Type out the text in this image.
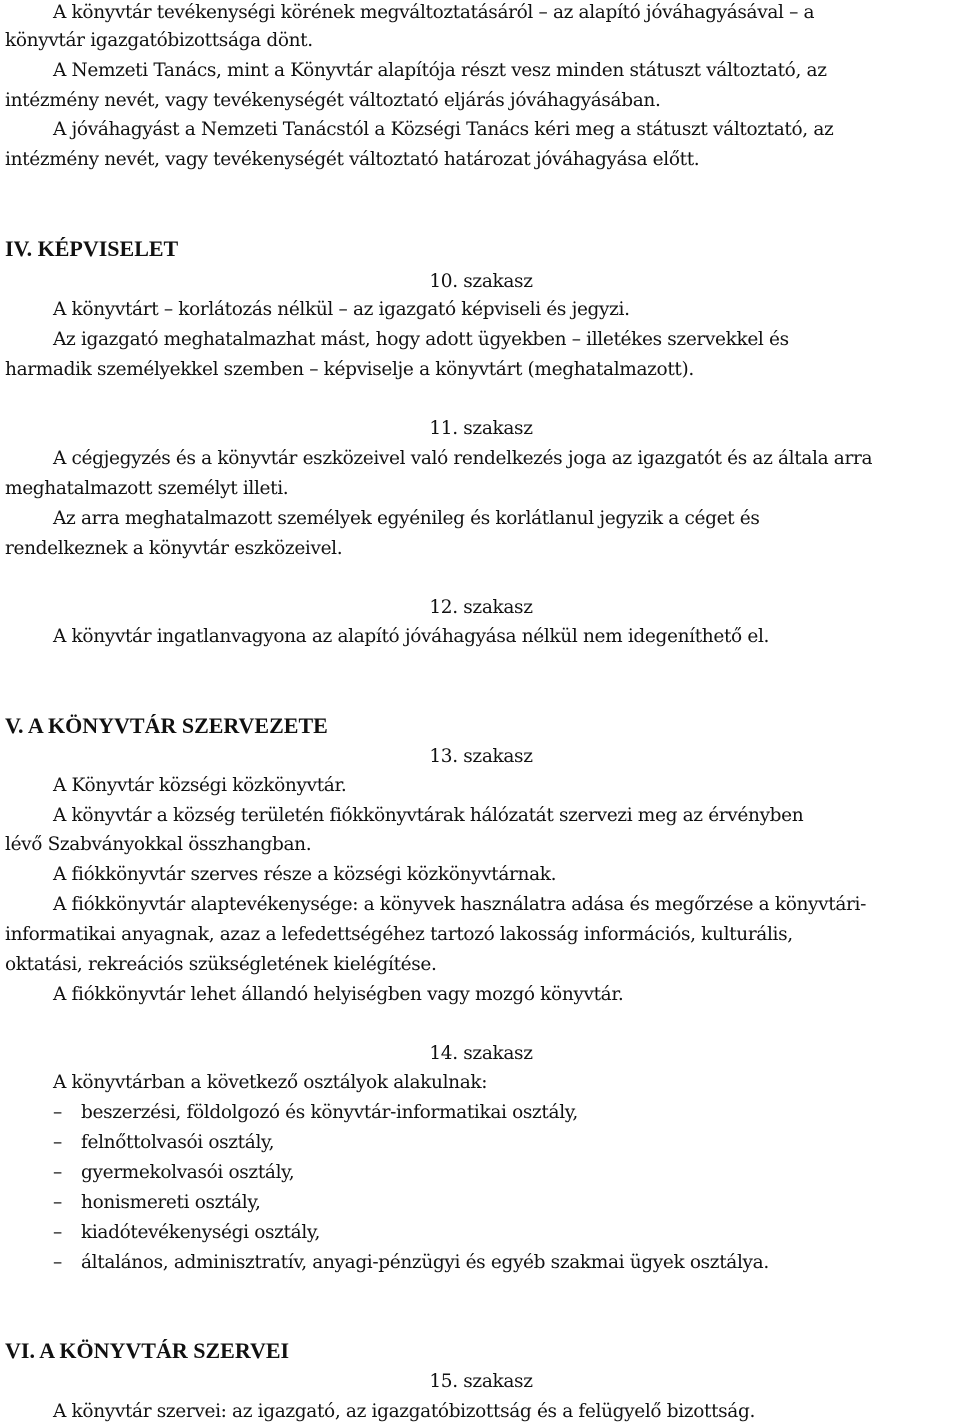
A könyvtár tevékenységi körének megváltoztatásáról – az alapító jóváhagyásával – a
könyvtár igazgatóbizottsága dönt.
A Nemzeti Tanács, mint a Könyvtár alapítója részt vesz minden státuszt változtató, az
intézmény nevét, vagy tevékenységét változtató eljárás jóváhagyásában.
A jóváhagyást a Nemzeti Tanácstól a Községi Tanács kéri meg a státuszt változtató, az
intézmény nevét, vagy tevékenységét változtató határozat jóváhagyása előtt.
IV. KÉPVISELET
10. szakasz
A könyvtárt – korlátozás nélkül – az igazgató képviseli és jegyzi.
Az igazgató meghatalmazhat mást, hogy adott ügyekben – illetékes szervekkel és
harmadik személyekkel szemben – képviselje a könyvtárt (meghatalmazott).
11. szakasz
A cégjegyzés és a könyvtár eszközeivel való rendelkezés joga az igazgatót és az általa arra
meghatalmazott személyt illeti.
Az arra meghatalmazott személyek egyénileg és korlátlanul jegyzik a céget és
rendelkeznek a könyvtár eszközeivel.
12. szakasz
A könyvtár ingatlanvagyona az alapító jóváhagyása nélkül nem idegeníthető el.
V. A KÖNYVTÁR SZERVEZETE
13. szakasz
A Könyvtár községi közkönyvtár.
A könyvtár a község területén fiókkönyvtárak hálózatát szervezi meg az érvényben
lévő Szabványokkal összhangban.
A fiókkönyvtár szerves része a községi közkönyvtárnak.
A fiókkönyvtár alaptevékenysége: a könyvek használatra adása és megőrzése a könyvtári-
informatikai anyagnak, azaz a lefedettségéhez tartozó lakosság információs, kulturális,
oktatási, rekreációs szükségletének kielégítése.
A fiókkönyvtár lehet állandó helyiségben vagy mozgó könyvtár.
14. szakasz
A könyvtárban a következő osztályok alakulnak:
– beszerzési, földolgozó és könyvtár-informatikai osztály,
– felnőttolvasói osztály,
– gyermekolvasói osztály,
– honismereti osztály,
– kiadótevékenységi osztály,
– általános, adminisztratív, anyagi-pénzügyi és egyéb szakmai ügyek osztálya.
VI. A KÖNYVTÁR SZERVEI
15. szakasz
A könyvtár szervei: az igazgató, az igazgatóbizottság és a felügyelő bizottság.
